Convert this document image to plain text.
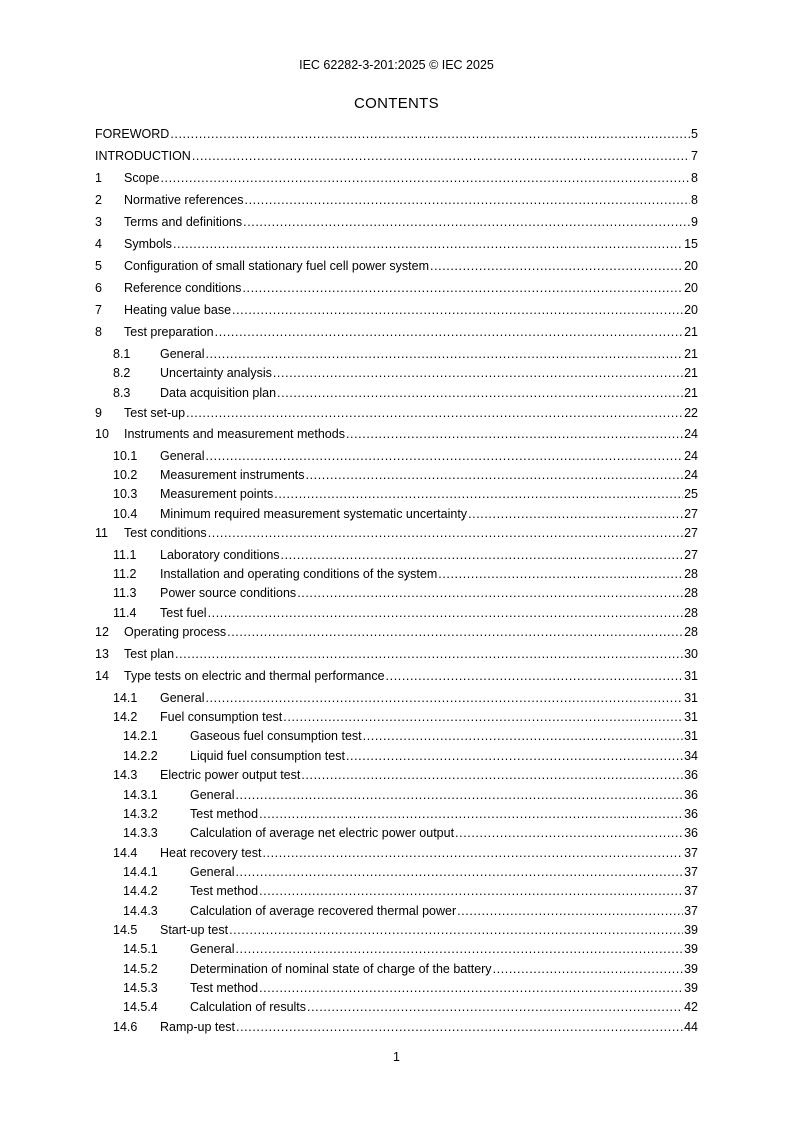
IEC 62282-3-201:2025 © IEC 2025
CONTENTS
FOREWORD .....	5
INTRODUCTION .....	7
1	Scope .....	8
2	Normative references .....	8
3	Terms and definitions .....	9
4	Symbols .....	15
5	Configuration of small stationary fuel cell power system .....	20
6	Reference conditions .....	20
7	Heating value base .....	20
8	Test preparation .....	21
8.1	General .....	21
8.2	Uncertainty analysis .....	21
8.3	Data acquisition plan .....	21
9	Test set-up .....	22
10	Instruments and measurement methods .....	24
10.1	General .....	24
10.2	Measurement instruments .....	24
10.3	Measurement points .....	25
10.4	Minimum required measurement systematic uncertainty .....	27
11	Test conditions .....	27
11.1	Laboratory conditions .....	27
11.2	Installation and operating conditions of the system .....	28
11.3	Power source conditions .....	28
11.4	Test fuel .....	28
12	Operating process .....	28
13	Test plan .....	30
14	Type tests on electric and thermal performance .....	31
14.1	General .....	31
14.2	Fuel consumption test .....	31
14.2.1	Gaseous fuel consumption test .....	31
14.2.2	Liquid fuel consumption test .....	34
14.3	Electric power output test .....	36
14.3.1	General .....	36
14.3.2	Test method .....	36
14.3.3	Calculation of average net electric power output .....	36
14.4	Heat recovery test .....	37
14.4.1	General .....	37
14.4.2	Test method .....	37
14.4.3	Calculation of average recovered thermal power .....	37
14.5	Start-up test .....	39
14.5.1	General .....	39
14.5.2	Determination of nominal state of charge of the battery .....	39
14.5.3	Test method .....	39
14.5.4	Calculation of results .....	42
14.6	Ramp-up test .....	44
1
